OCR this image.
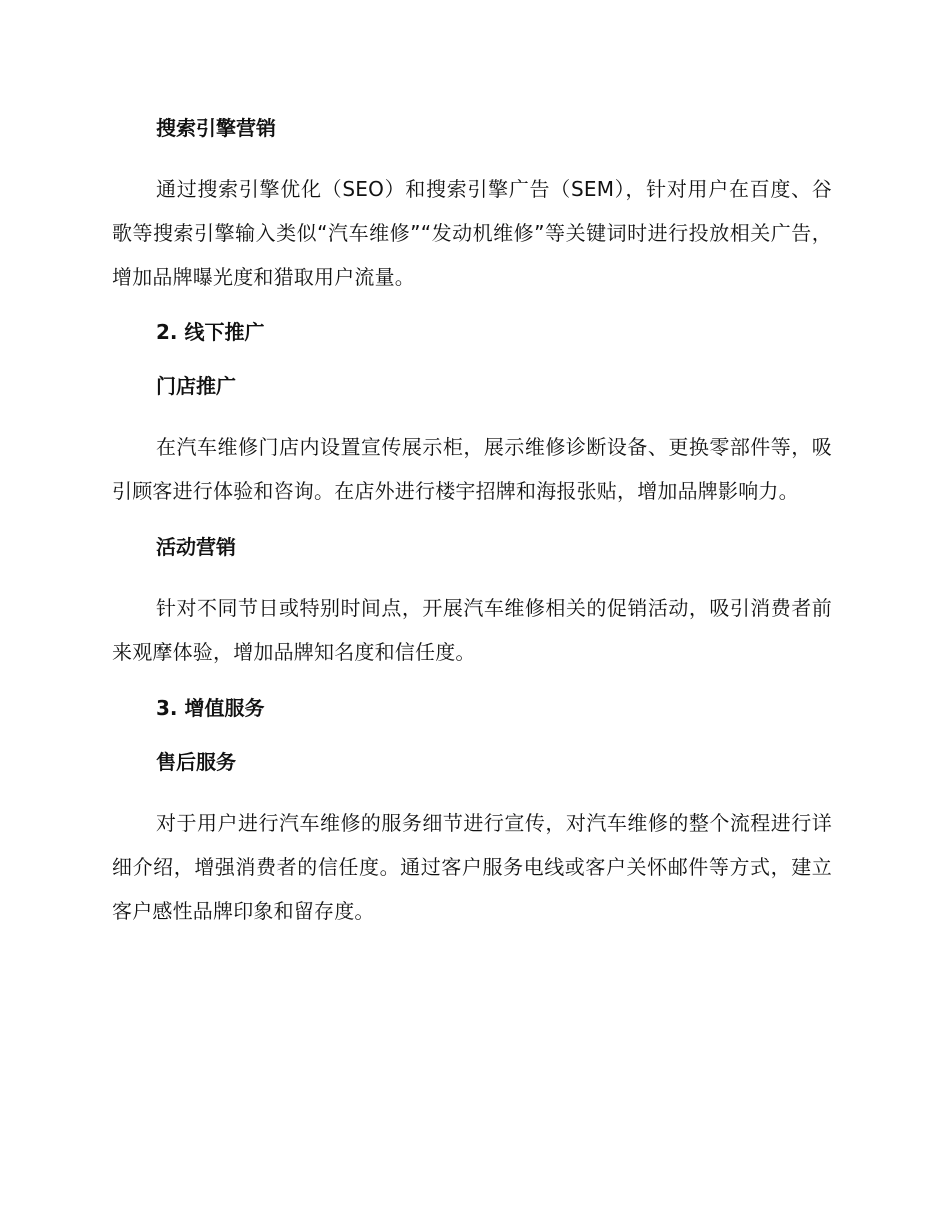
搜索引擎营销

通过搜索引擎优化（SEO）和搜索引擎广告（SEM），针对用户在百度、谷歌等搜索引擎输入类似“汽车维修”“发动机维修”等关键词时进行投放相关广告，增加品牌曝光度和猎取用户流量。

2. 线下推广
门店推广

在汽车维修门店内设置宣传展示柜，展示维修诊断设备、更换零部件等，吸引顾客进行体验和咨询。在店外进行楼宇招牌和海报张贴，增加品牌影响力。

活动营销

针对不同节日或特别时间点，开展汽车维修相关的促销活动，吸引消费者前来观摩体验，增加品牌知名度和信任度。

3. 增值服务
售后服务

对于用户进行汽车维修的服务细节进行宣传，对汽车维修的整个流程进行详细介绍，增强消费者的信任度。通过客户服务电线或客户关怀邮件等方式，建立客户感性品牌印象和留存度。
